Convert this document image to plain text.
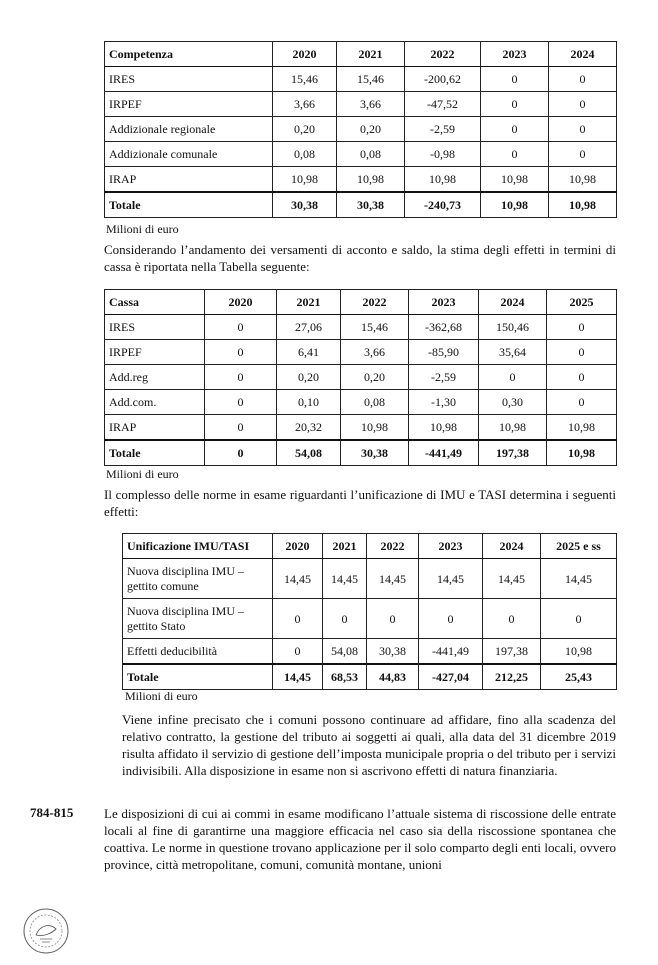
Competenza	2020	2021	2022	2023	2024
IRES	15,46	15,46	-200,62	0	0
IRPEF	3,66	3,66	-47,52	0	0
Addizionale regionale	0,20	0,20	-2,59	0	0
Addizionale comunale	0,08	0,08	-0,98	0	0
IRAP	10,98	10,98	10,98	10,98	10,98
Totale	30,38	30,38	-240,73	10,98	10,98
Milioni di euro
Considerando l’andamento dei versamenti di acconto e saldo, la stima degli effetti in termini di cassa è riportata nella Tabella seguente:
Cassa	2020	2021	2022	2023	2024	2025
IRES	0	27,06	15,46	-362,68	150,46	0
IRPEF	0	6,41	3,66	-85,90	35,64	0
Add.reg	0	0,20	0,20	-2,59	0	0
Add.com.	0	0,10	0,08	-1,30	0,30	0
IRAP	0	20,32	10,98	10,98	10,98	10,98
Totale	0	54,08	30,38	-441,49	197,38	10,98
Milioni di euro
Il complesso delle norme in esame riguardanti l’unificazione di IMU e TASI determina i seguenti effetti:
Unificazione IMU/TASI	2020	2021	2022	2023	2024	2025 e ss
Nuova disciplina IMU – gettito comune	14,45	14,45	14,45	14,45	14,45	14,45
Nuova disciplina IMU – gettito Stato	0	0	0	0	0	0
Effetti deducibilità	0	54,08	30,38	-441,49	197,38	10,98
Totale	14,45	68,53	44,83	-427,04	212,25	25,43
Milioni di euro
Viene infine precisato che i comuni possono continuare ad affidare, fino alla scadenza del relativo contratto, la gestione del tributo ai soggetti ai quali, alla data del 31 dicembre 2019 risulta affidato il servizio di gestione dell’imposta municipale propria o del tributo per i servizi indivisibili. Alla disposizione in esame non si ascrivono effetti di natura finanziaria.
784-815 Le disposizioni di cui ai commi in esame modificano l’attuale sistema di riscossione delle entrate locali al fine di garantirne una maggiore efficacia nel caso sia della riscossione spontanea che coattiva. Le norme in questione trovano applicazione per il solo comparto degli enti locali, ovvero province, città metropolitane, comuni, comunità montane, unioni
